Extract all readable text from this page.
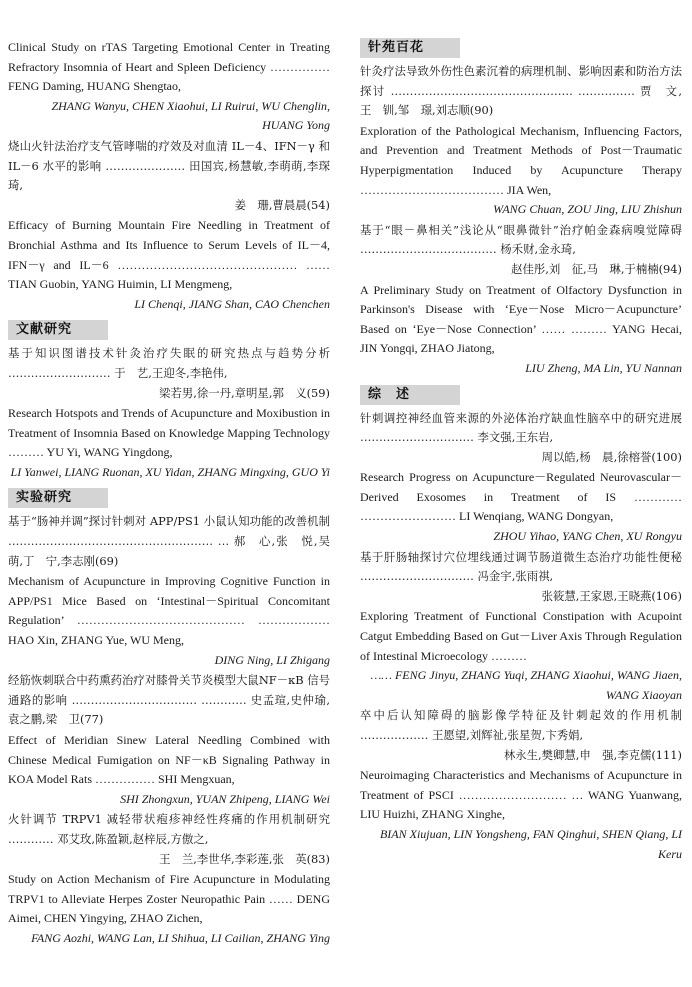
Clinical Study on rTAS Targeting Emotional Center in Treating Refractory Insomnia of Heart and Spleen Deficiency …………… FENG Daming, HUANG Shengtao,
ZHANG Wanyu, CHEN Xiaohui, LI Ruirui, WU Chenglin, HUANG Yong
烧山火针法治疗支气管哮喘的疗效及对血清 IL－4、IFN－γ 和 IL－6 水平的影响 ………………… 田国宾,杨慧敏,李萌萌,李琛琦,
姜　珊,曹晨晨(54)
Efficacy of Burning Mountain Fire Needling in Treatment of Bronchial Asthma and Its Influence to Serum Levels of IL－4, IFN－γ and IL－6 ……………………………………… …… TIAN Guobin, YANG Huimin, LI Mengmeng,
LI Chenqi, JIANG Shan, CAO Chenchen
文献研究
基于知识图谱技术针灸治疗失眠的研究热点与趋势分析 ……………………… 于　艺,王迎冬,李艳伟,
梁若男,徐一丹,章明星,郭　义(59)
Research Hotspots and Trends of Acupuncture and Moxibustion in Treatment of Insomnia Based on Knowledge Mapping Technology ……… YU Yi, WANG Yingdong,
LI Yanwei, LIANG Ruonan, XU Yidan, ZHANG Mingxing, GUO Yi
实验研究
基于“肠神并调”探讨针刺对 APP/PS1 小鼠认知功能的改善机制 ……………………………………………… … 郝　心,张　悦,吴　萌,丁　宁,李志刚(69)
Mechanism of Acupuncture in Improving Cognitive Function in APP/PS1 Mice Based on ‘Intestinal－Spiritual Concomitant Regulation’ …………………………………… ……………… HAO Xin, ZHANG Yue, WU Meng,
DING Ning, LI Zhigang
经筋恢刺联合中药熏药治疗对膝骨关节炎模型大鼠NF－κB 信号通路的影响 …………………………… ………… 史孟瑄,史仲瑜,袁之鹏,梁　卫(77)
Effect of Meridian Sinew Lateral Needling Combined with Chinese Medical Fumigation on NF－κB Signaling Pathway in KOA Model Rats …………… SHI Mengxuan,
SHI Zhongxun, YUAN Zhipeng, LIANG Wei
火针调节 TRPV1 减轻带状疱疹神经性疼痛的作用机制研究 ………… 邓艾玫,陈盈颖,赵梓辰,方傲之,
王　兰,李世华,李彩莲,张　英(83)
Study on Action Mechanism of Fire Acupuncture in Modulating TRPV1 to Alleviate Herpes Zoster Neuropathic Pain …… DENG Aimei, CHEN Yingying, ZHAO Zichen,
FANG Aozhi, WANG Lan, LI Shihua, LI Cailian, ZHANG Ying
针苑百花
针灸疗法导致外伤性色素沉着的病理机制、影响因素和防治方法探讨 ………………………………………… …………… 贾　文,王　钏,邹　璟,刘志顺(90)
Exploration of the Pathological Mechanism, Influencing Factors, and Prevention and Treatment Methods of Post－Traumatic Hyperpigmentation Induced by Acupuncture Therapy ……………………………… JIA Wen,
WANG Chuan, ZOU Jing, LIU Zhishun
基于“眼－鼻相关”浅论从“眼鼻微针”治疗帕金森病嗅觉障碍 ……………………………… 杨禾财,金永琦,
赵佳彤,刘　征,马　琳,于楠楠(94)
A Preliminary Study on Treatment of Olfactory Dysfunction in Parkinson's Disease with ‘Eye－Nose Micro－Acupuncture’ Based on ‘Eye－Nose Connection’ …… ……… YANG Hecai, JIN Yongqi, ZHAO Jiatong,
LIU Zheng, MA Lin, YU Nannan
综　述
针刺调控神经血管来源的外泌体治疗缺血性脑卒中的研究进展 ………………………… 李文强,王东岩,
周以皓,杨　晨,徐榕誉(100)
Research Progress on Acupuncture－Regulated Neurovascular－Derived Exosomes in Treatment of IS ………… …………………… LI Wenqiang, WANG Dongyan,
ZHOU Yihao, YANG Chen, XU Rongyu
基于肝肠轴探讨穴位埋线通过调节肠道微生态治疗功能性便秘 ………………………… 冯金宇,张雨祺,
张筱慧,王家恩,王晓燕(106)
Exploring Treatment of Functional Constipation with Acupoint Catgut Embedding Based on Gut－Liver Axis Through Regulation of Intestinal Microecology ………
…… FENG Jinyu, ZHANG Yuqi, ZHANG Xiaohui, WANG Jiaen, WANG Xiaoyan
卒中后认知障碍的脑影像学特征及针刺起效的作用机制 ……………… 王愿望,刘辉祉,张星贺,卞秀娟,
林永生,樊卿慧,申　强,李克儒(111)
Neuroimaging Characteristics and Mechanisms of Acupuncture in Treatment of PSCI ……………………… … WANG Yuanwang, LIU Huizhi, ZHANG Xinghe,
BIAN Xiujuan, LIN Yongsheng, FAN Qinghui, SHEN Qiang, LI Keru
